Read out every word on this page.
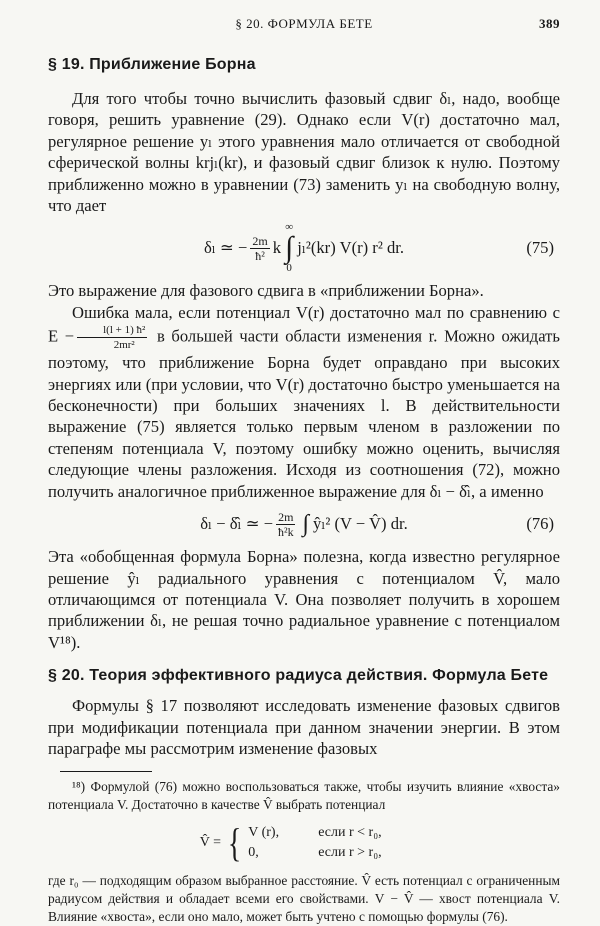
§ 20. ФОРМУЛА БЕТЕ	389
§ 19. Приближение Борна

Для того чтобы точно вычислить фазовый сдвиг δₗ, надо, вообще говоря, решить уравнение (29). Однако если V(r) достаточно мал, регулярное решение yₗ этого уравнения мало отличается от свободной сферической волны krjₗ(kr), и фазовый сдвиг близок к нулю. Поэтому приближенно можно в уравнении (73) заменить yₗ на свободную волну, что дает

δₗ ≃ − $\frac{2m}{\text{ħ²}}$ k
∞
∫
0
jₗ²(kr) V(r) r² dr.	(75)

Это выражение для фазового сдвига в «приближении Борна».

Ошибка мала, если потенциал V(r) достаточно мал по сравнению с $E - \frac{\text{l(l + 1) ħ²}}{\text{2mr²}}$ в большей части области изменения r. Можно ожидать поэтому, что приближение Борна будет оправдано при высоких энергиях или (при условии, что V(r) достаточно быстро уменьшается на бесконечности) при больших значениях l. В действительности выражение (75) является только первым членом в разложении по степеням потенциала V, поэтому ошибку можно оценить, вычисляя следующие члены разложения. Исходя из соотношения (72), можно получить аналогичное приближенное выражение для δₗ − δ̂ₗ, а именно

δₗ − δ̂ₗ ≃ − $\frac{2m}{\text{ħ²k}}$ ∫ ŷₗ² (V − V̂) dr.	(76)

Эта «обобщенная формула Борна» полезна, когда известно регулярное решение ŷₗ радиального уравнения с потенциалом V̂, мало отличающимся от потенциала V. Она позволяет получить в хорошем приближении δₗ, не решая точно радиальное уравнение с потенциалом V¹⁸).

§ 20. Теория эффективного радиуса действия. Формула Бете

Формулы § 17 позволяют исследовать изменение фазовых сдвигов при модификации потенциала при данном значении энергии. В этом параграфе мы рассмотрим изменение фазовых

¹⁸) Формулой (76) можно воспользоваться также, чтобы изучить влияние «хвоста» потенциала V. Достаточно в качестве V̂ выбрать потенциал

V̂ = { V (r),	если r < r₀,
0,	если r > r₀,

где r₀ — подходящим образом выбранное расстояние. V̂ есть потенциал с ограниченным радиусом действия и обладает всеми его свойствами. V − V̂ — хвост потенциала V. Влияние «хвоста», если оно мало, может быть учтено с помощью формулы (76).
